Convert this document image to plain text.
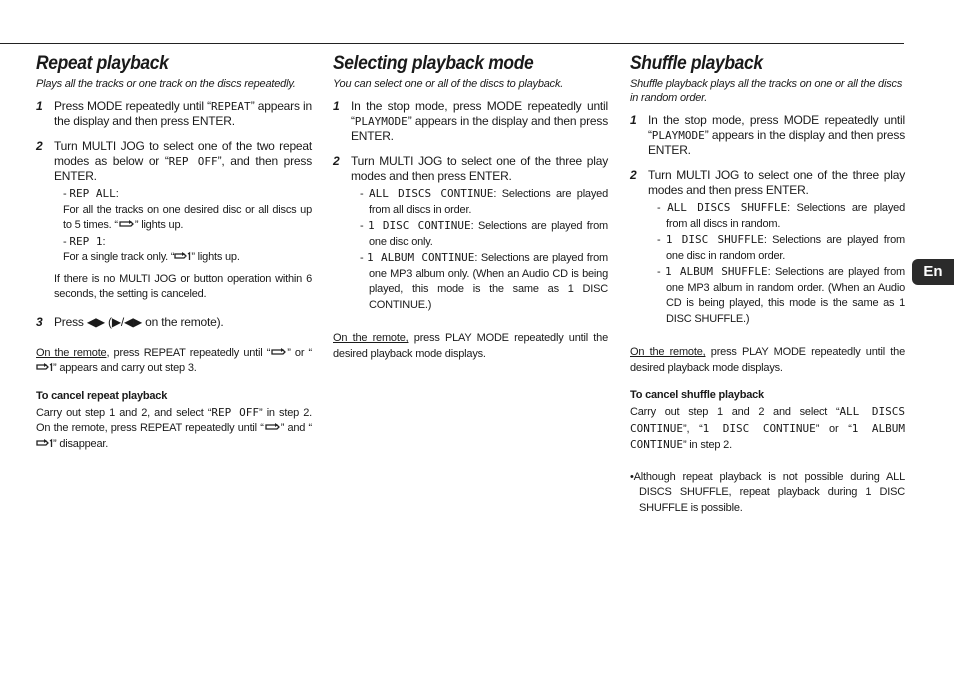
Repeat playback

Plays all the tracks or one track on the discs repeatedly.

1 Press MODE repeatedly until “REPEAT” appears in the display and then press ENTER.
2 Turn MULTI JOG to select one of the two repeat modes as below or “REP OFF”, and then press ENTER.
- REP ALL:
For all the tracks on one desired disc or all discs up to 5 times. “ ” lights up.
- REP 1:
For a single track only. “ ” lights up.

If there is no MULTI JOG or button operation within 6 seconds, the setting is canceled.

3 Press ◀▶ (▶/◀▶ on the remote).

On the remote, press REPEAT repeatedly until “ ” or “” appears and carry out step 3.

To cancel repeat playback

Carry out step 1 and 2, and select “REP OFF” in step 2. On the remote, press REPEAT repeatedly until “ ” and “” disappear.

Selecting playback mode

You can select one or all of the discs to playback.

1 In the stop mode, press MODE repeatedly until “PLAYMODE” appears in the display and then press ENTER.
2 Turn MULTI JOG to select one of the three play modes and then press ENTER.
- ALL DISCS CONTINUE: Selections are played from all discs in order.
- 1 DISC CONTINUE: Selections are played from one disc only.
- 1 ALBUM CONTINUE: Selections are played from one MP3 album only. (When an Audio CD is being played, this mode is the same as 1 DISC CONTINUE.)

On the remote, press PLAY MODE repeatedly until the desired playback mode displays.

Shuffle playback

Shuffle playback plays all the tracks on one or all the discs in random order.

1 In the stop mode, press MODE repeatedly until “PLAYMODE” appears in the display and then press ENTER.
2 Turn MULTI JOG to select one of the three play modes and then press ENTER.
- ALL DISCS SHUFFLE: Selections are played from all discs in random.
- 1 DISC SHUFFLE: Selections are played from one disc in random order.
- 1 ALBUM SHUFFLE: Selections are played from one MP3 album in random order. (When an Audio CD is being played, this mode is the same as 1 DISC SHUFFLE.)

On the remote, press PLAY MODE repeatedly until the desired playback mode displays.

To cancel shuffle playback

Carry out step 1 and 2 and select “ALL DISCS CONTINUE”, “1 DISC CONTINUE” or “1 ALBUM CONTINUE” in step 2.

•Although repeat playback is not possible during ALL DISCS SHUFFLE, repeat playback during 1 DISC SHUFFLE is possible.

En
